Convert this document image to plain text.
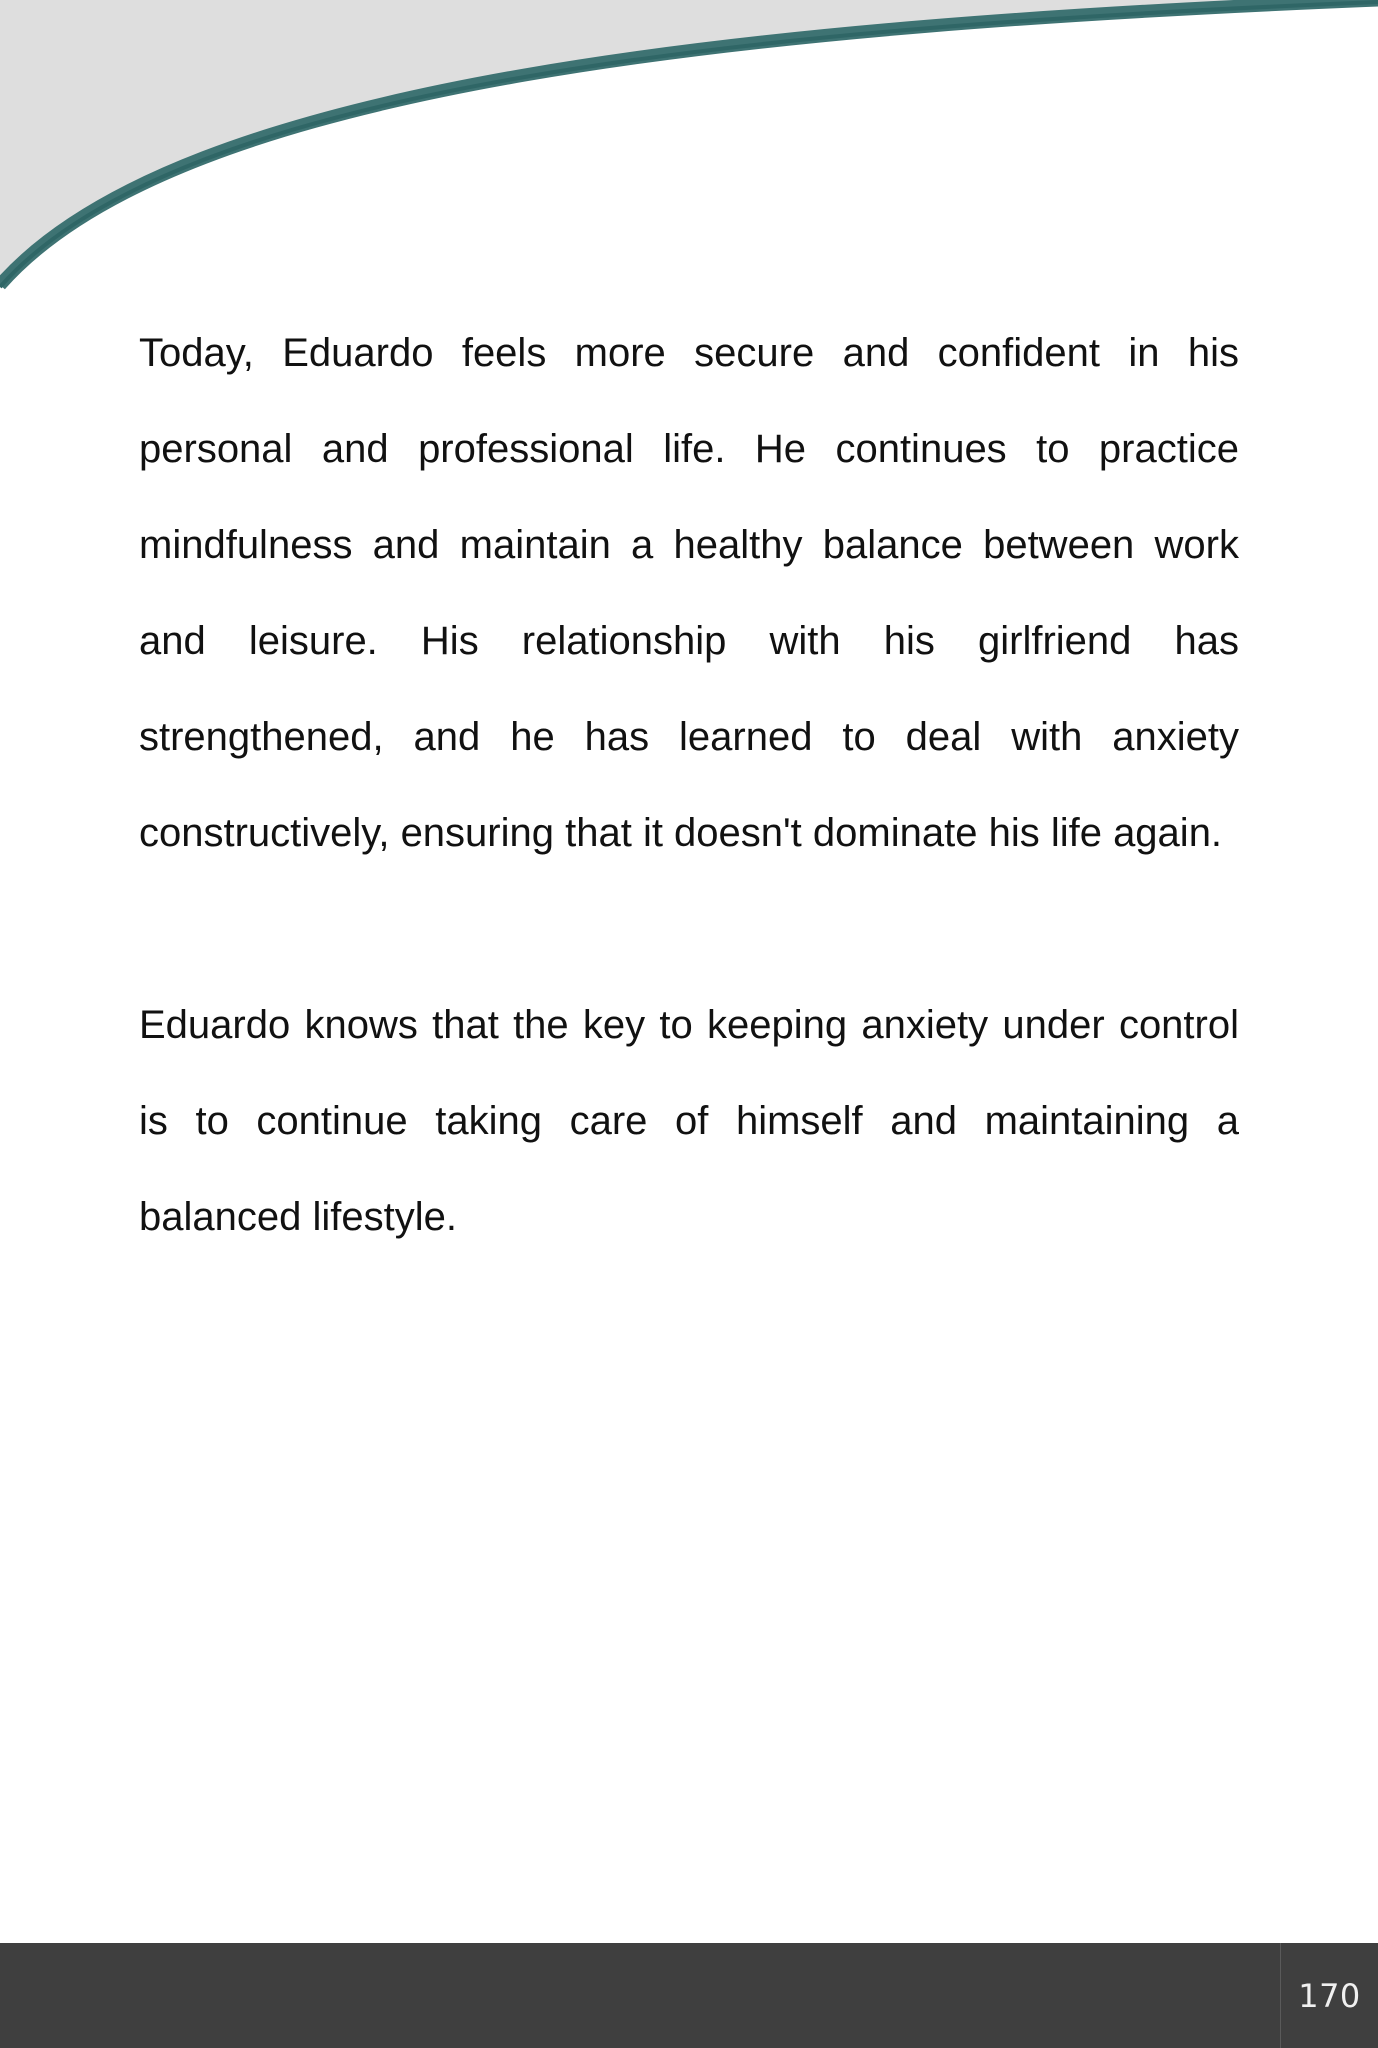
Today, Eduardo feels more secure and confident in his personal and professional life. He continues to practice mindfulness and maintain a healthy balance between work and leisure. His relationship with his girlfriend has strengthened, and he has learned to deal with anxiety constructively, ensuring that it doesn't dominate his life again.

Eduardo knows that the key to keeping anxiety under control is to continue taking care of himself and maintaining a balanced lifestyle.

170
